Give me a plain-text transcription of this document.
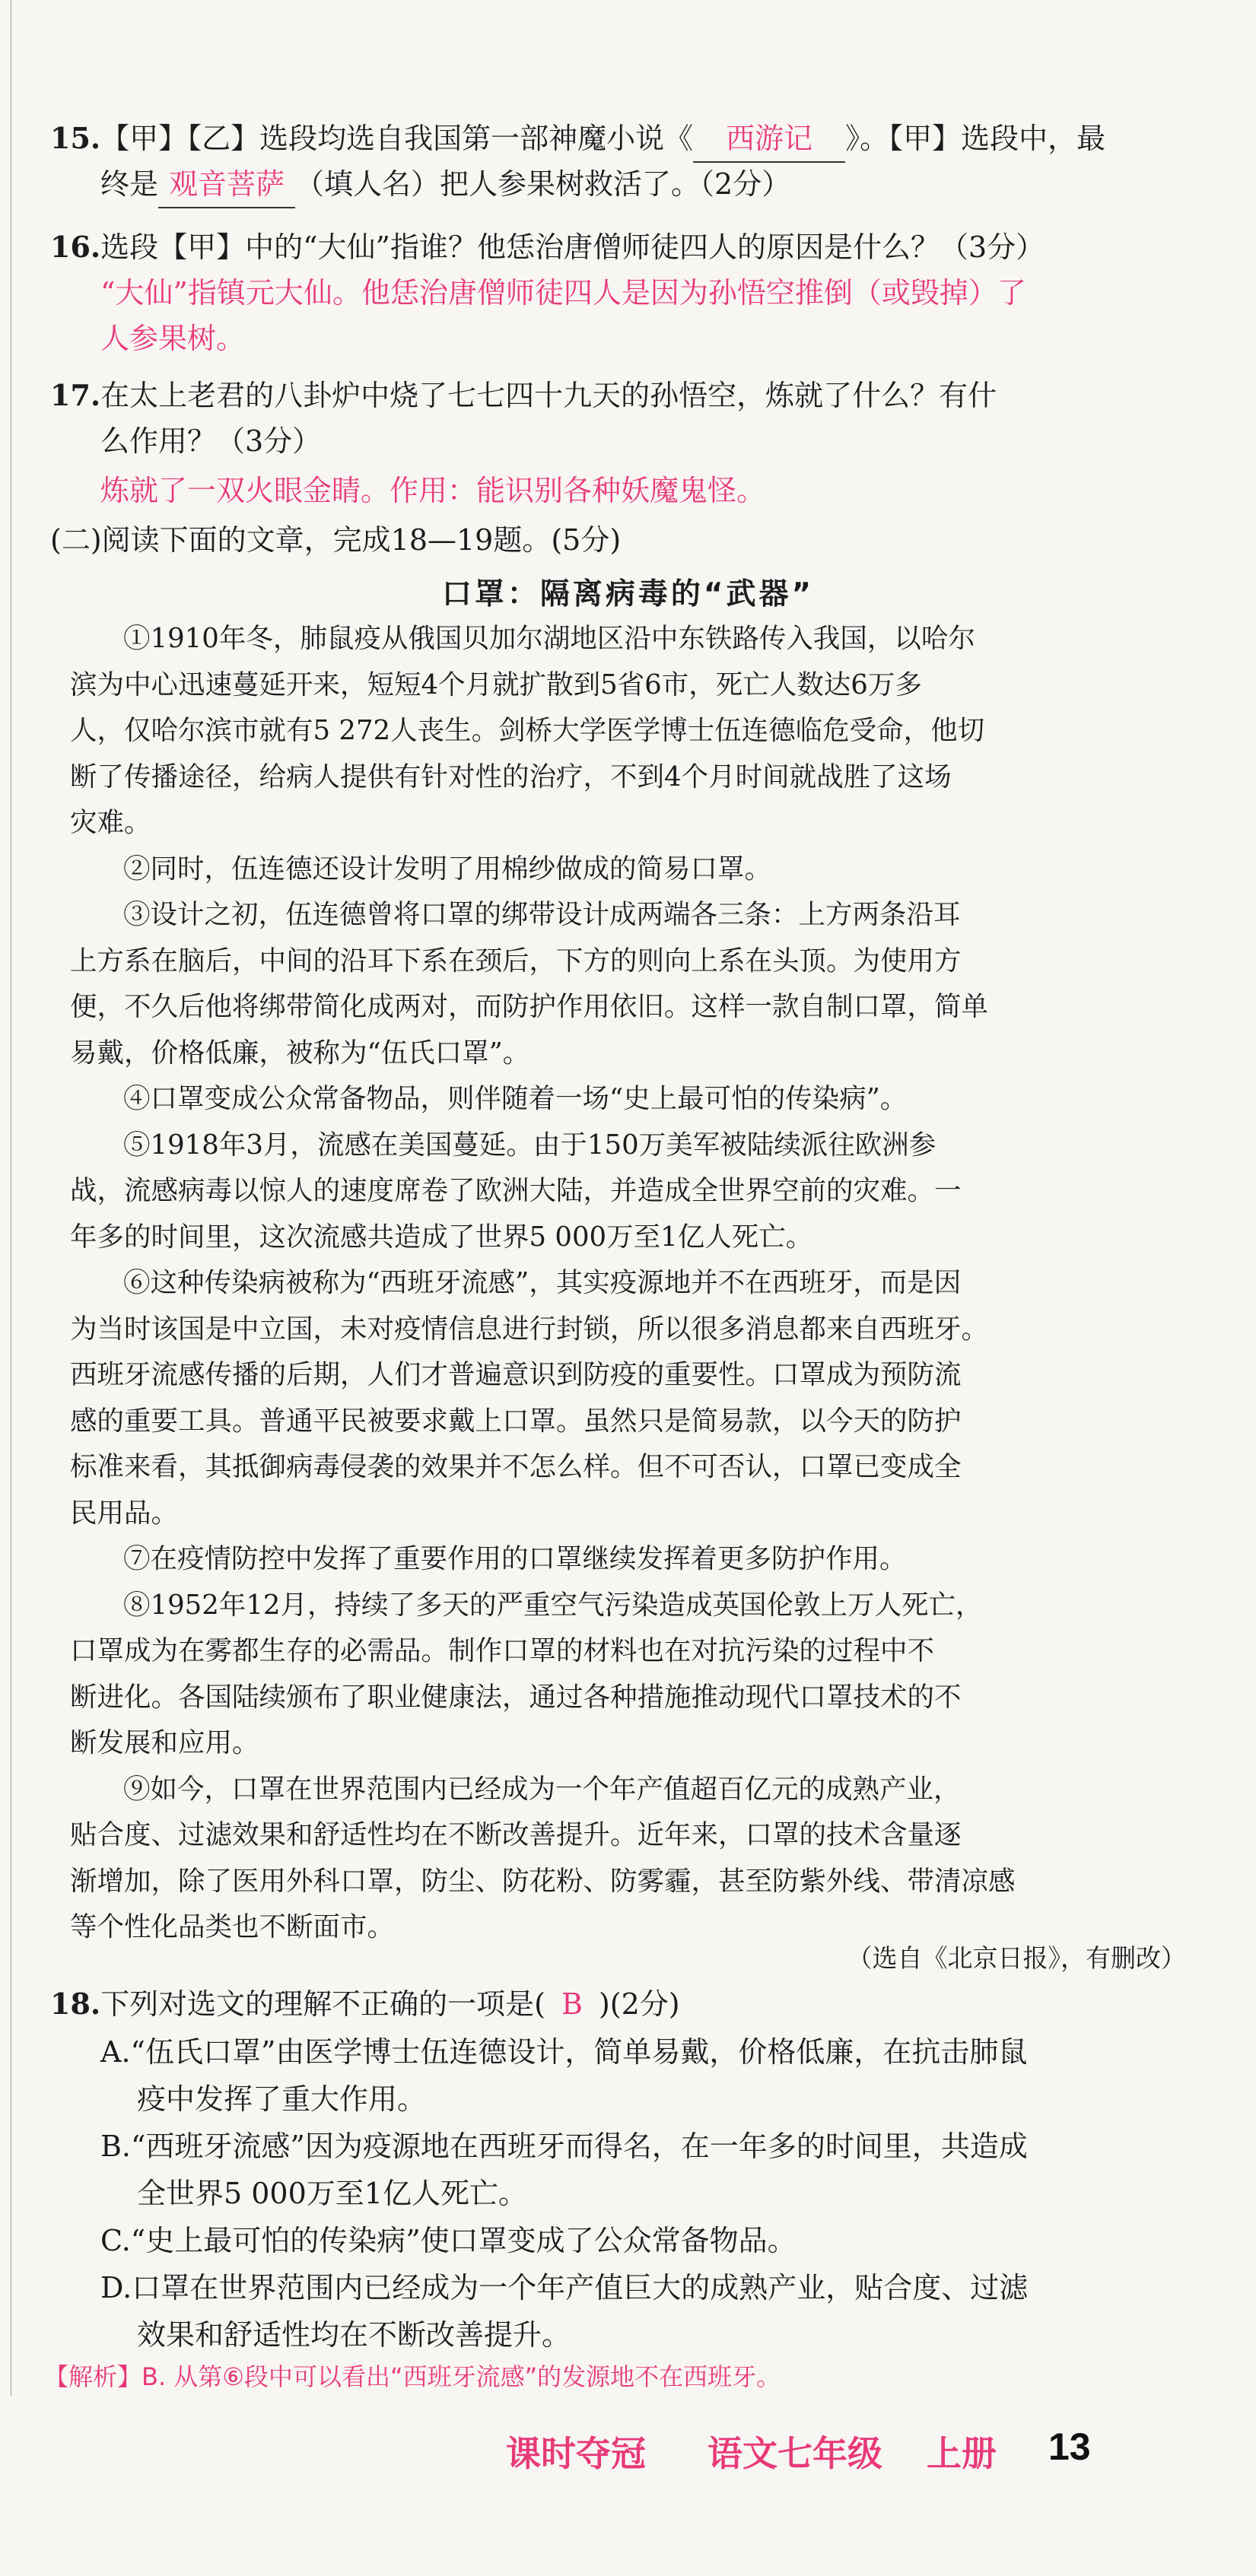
15.【甲】【乙】选段均选自我国第一部神魔小说《 西游记 》。【甲】选段中，最
终是 观音菩萨 （填人名）把人参果树救活了。（2分）
16.选段【甲】中的“大仙”指谁？他恁治唐僧师徒四人的原因是什么？（3分）
“大仙”指镇元大仙。他恁治唐僧师徒四人是因为孙悟空推倒（或毁掉）了
人参果树。
17.在太上老君的八卦炉中烧了七七四十九天的孙悟空，炼就了什么？有什
么作用？（3分）
炼就了一双火眼金睛。作用：能识别各种妖魔鬼怪。
(二)阅读下面的文章，完成18—19题。(5分)
口罩：隔离病毒的“武器”
①1910年冬，肺鼠疫从俄国贝加尔湖地区沿中东铁路传入我国，以哈尔
滨为中心迅速蔓延开来，短短4个月就扩散到5省6市，死亡人数达6万多
人，仅哈尔滨市就有5 272人丧生。剑桥大学医学博士伍连德临危受命，他切
断了传播途径，给病人提供有针对性的治疗，不到4个月时间就战胜了这场
灾难。
②同时，伍连德还设计发明了用棉纱做成的简易口罩。
③设计之初，伍连德曾将口罩的绑带设计成两端各三条：上方两条沿耳
上方系在脑后，中间的沿耳下系在颈后，下方的则向上系在头顶。为使用方
便，不久后他将绑带简化成两对，而防护作用依旧。这样一款自制口罩，简单
易戴，价格低廉，被称为“伍氏口罩”。
④口罩变成公众常备物品，则伴随着一场“史上最可怕的传染病”。
⑤1918年3月，流感在美国蔓延。由于150万美军被陆续派往欧洲参
战，流感病毒以惊人的速度席卷了欧洲大陆，并造成全世界空前的灾难。一
年多的时间里，这次流感共造成了世界5 000万至1亿人死亡。
⑥这种传染病被称为“西班牙流感”，其实疫源地并不在西班牙，而是因
为当时该国是中立国，未对疫情信息进行封锁，所以很多消息都来自西班牙。
西班牙流感传播的后期，人们才普遍意识到防疫的重要性。口罩成为预防流
感的重要工具。普通平民被要求戴上口罩。虽然只是简易款，以今天的防护
标准来看，其抵御病毒侵袭的效果并不怎么样。但不可否认，口罩已变成全
民用品。
⑦在疫情防控中发挥了重要作用的口罩继续发挥着更多防护作用。
⑧1952年12月，持续了多天的严重空气污染造成英国伦敦上万人死亡，
口罩成为在雾都生存的必需品。制作口罩的材料也在对抗污染的过程中不
断进化。各国陆续颁布了职业健康法，通过各种措施推动现代口罩技术的不
断发展和应用。
⑨如今，口罩在世界范围内已经成为一个年产值超百亿元的成熟产业，
贴合度、过滤效果和舒适性均在不断改善提升。近年来，口罩的技术含量逐
渐增加，除了医用外科口罩，防尘、防花粉、防雾霾，甚至防紫外线、带清凉感
等个性化品类也不断面市。
（选自《北京日报》，有删改）
18.下列对选文的理解不正确的一项是( B )(2分)
A.“伍氏口罩”由医学博士伍连德设计，简单易戴，价格低廉，在抗击肺鼠
疫中发挥了重大作用。
B.“西班牙流感”因为疫源地在西班牙而得名，在一年多的时间里，共造成
全世界5 000万至1亿人死亡。
C.“史上最可怕的传染病”使口罩变成了公众常备物品。
D.口罩在世界范围内已经成为一个年产值巨大的成熟产业，贴合度、过滤
效果和舒适性均在不断改善提升。
【解析】B. 从第⑥段中可以看出“西班牙流感”的发源地不在西班牙。
课时夺冠 语文七年级 上册 13
